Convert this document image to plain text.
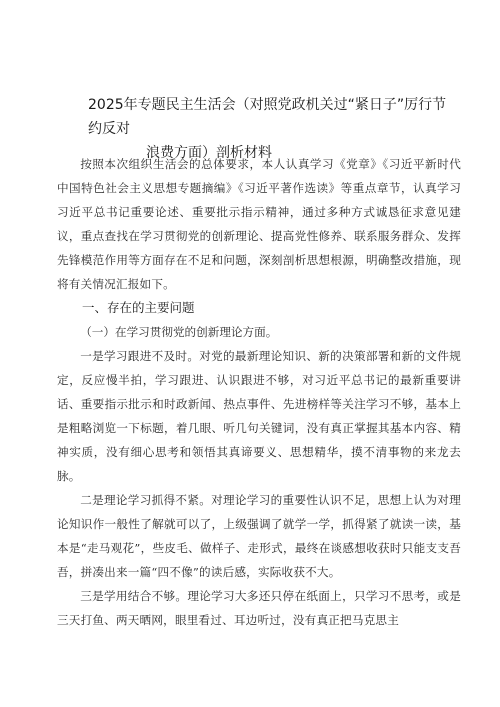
2025年专题民主生活会（对照党政机关过“紧日子”厉行节约反对
浪费方面）剖析材料

按照本次组织生活会的总体要求，本人认真学习《党章》《习近平新时代中国特色社会主义思想专题摘编》《习近平著作选读》等重点章节，认真学习习近平总书记重要论述、重要批示指示精神，通过多种方式诚恳征求意见建议，重点查找在学习贯彻党的创新理论、提高党性修养、联系服务群众、发挥先锋模范作用等方面存在不足和问题，深刻剖析思想根源，明确整改措施，现将有关情况汇报如下。

一、存在的主要问题

（一）在学习贯彻党的创新理论方面。

一是学习跟进不及时。对党的最新理论知识、新的决策部署和新的文件规定，反应慢半拍，学习跟进、认识跟进不够，对习近平总书记的最新重要讲话、重要指示批示和时政新闻、热点事件、先进榜样等关注学习不够，基本上是粗略浏览一下标题，着几眼、听几句关键词，没有真正掌握其基本内容、精神实质，没有细心思考和领悟其真谛要义、思想精华，摸不清事物的来龙去脉。

二是理论学习抓得不紧。对理论学习的重要性认识不足，思想上认为对理论知识作一般性了解就可以了，上级强调了就学一学，抓得紧了就读一读，基本是“走马观花”，些皮毛、做样子、走形式，最终在谈感想收获时只能支支吾吾，拼凑出来一篇“四不像”的读后感，实际收获不大。

三是学用结合不够。理论学习大多还只停在纸面上，只学习不思考，或是三天打鱼、两天晒网，眼里看过、耳边听过，没有真正把马克思主
